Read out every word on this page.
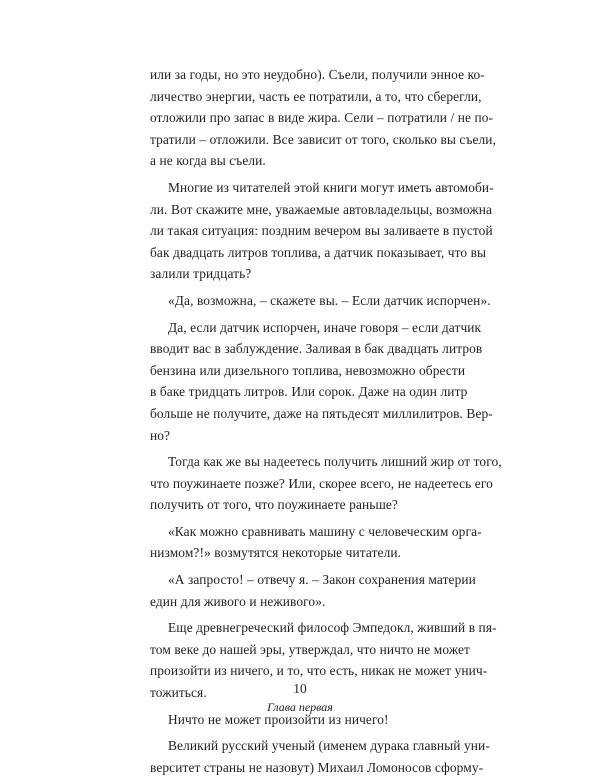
или за годы, но это неудобно). Съели, получили энное ко-
личество энергии, часть ее потратили, а то, что сберегли,
отложили про запас в виде жира. Сели – потратили / не по-
тратили – отложили. Все зависит от того, сколько вы съели,
а не когда вы съели.
Многие из читателей этой книги могут иметь автомоби-
ли. Вот скажите мне, уважаемые автовладельцы, возможна
ли такая ситуация: поздним вечером вы заливаете в пустой
бак двадцать литров топлива, а датчик показывает, что вы
залили тридцать?
«Да, возможна, – скажете вы. – Если датчик испорчен».
Да, если датчик испорчен, иначе говоря – если датчик
вводит вас в заблуждение. Заливая в бак двадцать литров
бензина или дизельного топлива, невозможно обрести
в баке тридцать литров. Или сорок. Даже на один литр
больше не получите, даже на пятьдесят миллилитров. Вер-
но?
Тогда как же вы надеетесь получить лишний жир от того,
что поужинаете позже? Или, скорее всего, не надеетесь его
получить от того, что поужинаете раньше?
«Как можно сравнивать машину с человеческим орга-
низмом?!» возмутятся некоторые читатели.
«А запросто! – отвечу я. – Закон сохранения материи
един для живого и неживого».
Еще древнегреческий философ Эмпедокл, живший в пя-
том веке до нашей эры, утверждал, что ничто не может
произойти из ничего, и то, что есть, никак не может унич-
тожиться.
Ничто не может произойти из ничего!
Великий русский ученый (именем дурака главный уни-
верситет страны не назовут) Михаил Ломоносов сформу-
10
Глава первая
